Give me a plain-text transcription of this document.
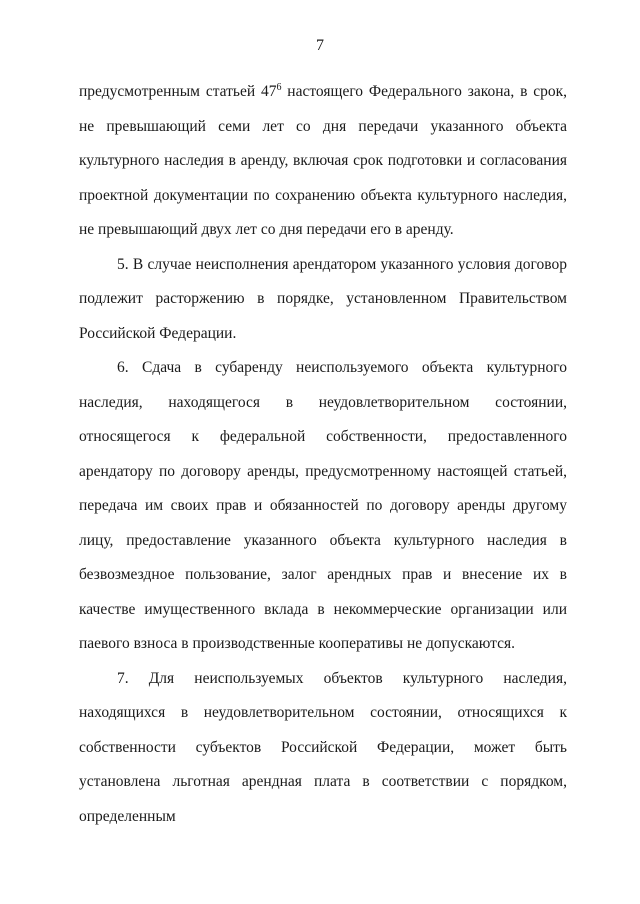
7

предусмотренным статьей $47^6$ настоящего Федерального закона, в срок, не превышающий семи лет со дня передачи указанного объекта культурного наследия в аренду, включая срок подготовки и согласования проектной документации по сохранению объекта культурного наследия, не превышающий двух лет со дня передачи его в аренду.

5. В случае неисполнения арендатором указанного условия договор подлежит расторжению в порядке, установленном Правительством Российской Федерации.

6. Сдача в субаренду неиспользуемого объекта культурного наследия, находящегося в неудовлетворительном состоянии, относящегося к федеральной собственности, предоставленного арендатору по договору аренды, предусмотренному настоящей статьей, передача им своих прав и обязанностей по договору аренды другому лицу, предоставление указанного объекта культурного наследия в безвозмездное пользование, залог арендных прав и внесение их в качестве имущественного вклада в некоммерческие организации или паевого взноса в производственные кооперативы не допускаются.

7. Для неиспользуемых объектов культурного наследия, находящихся в неудовлетворительном состоянии, относящихся к собственности субъектов Российской Федерации, может быть установлена льготная арендная плата в соответствии с порядком, определенным
